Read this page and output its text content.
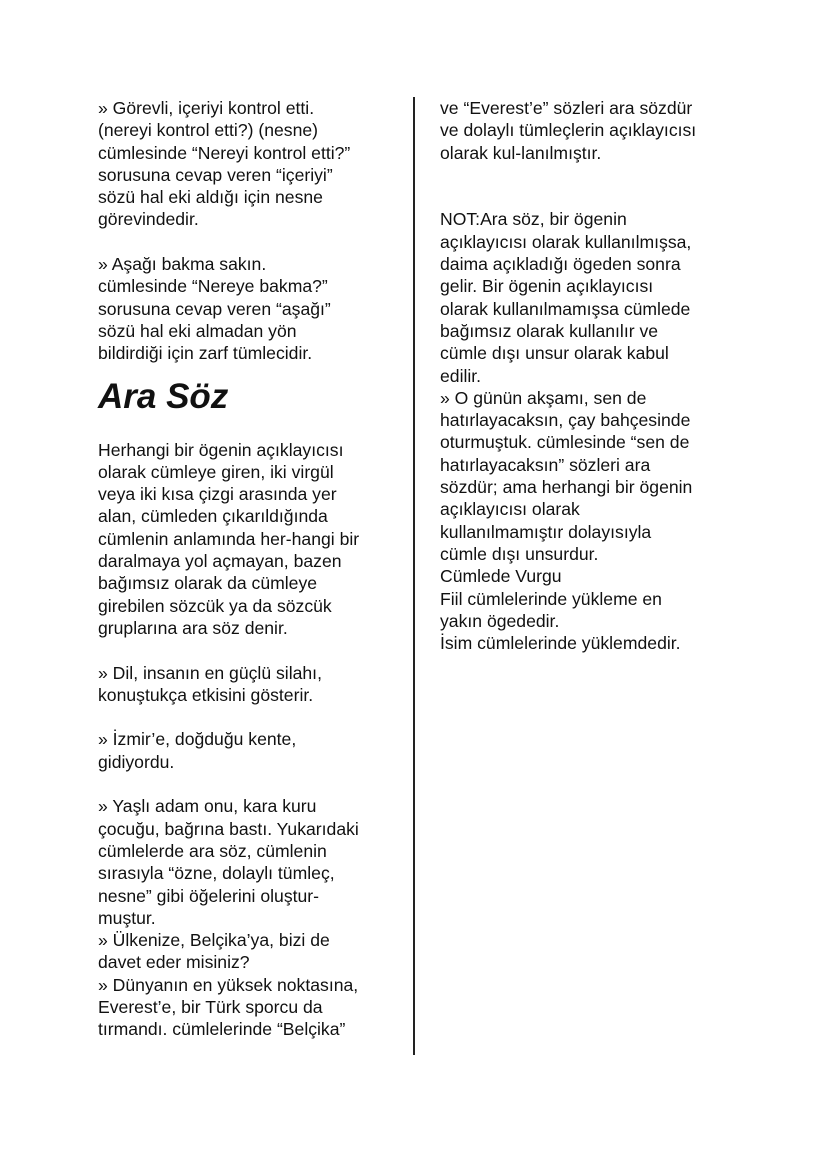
» Görevli, içeriyi kontrol etti.
(nereyi kontrol etti?) (nesne)
cümlesinde “Nereyi kontrol etti?”
sorusuna cevap veren “içeriyi”
sözü hal eki aldığı için nesne
görevindedir.
» Aşağı bakma sakın.
cümlesinde “Nereye bakma?”
sorusuna cevap veren “aşağı”
sözü hal eki almadan yön
bildirdiği için zarf tümlecidir.
Ara Söz
Herhangi bir ögenin açıklayıcısı
olarak cümleye giren, iki virgül
veya iki kısa çizgi arasında yer
alan, cümleden çıkarıldığında
cümlenin anlamında her-hangi bir
daralmaya yol açmayan, bazen
bağımsız olarak da cümleye
girebilen sözcük ya da sözcük
gruplarına ara söz denir.
» Dil, insanın en güçlü silahı,
konuştukça etkisini gösterir.
» İzmir’e, doğduğu kente,
gidiyordu.
» Yaşlı adam onu, kara kuru
çocuğu, bağrına bastı. Yukarıdaki
cümlelerde ara söz, cümlenin
sırasıyla “özne, dolaylı tümleç,
nesne” gibi öğelerini oluştur-
muştur.
» Ülkenize, Belçika’ya, bizi de
davet eder misiniz?
» Dünyanın en yüksek noktasına,
Everest’e, bir Türk sporcu da
tırmandı. cümlelerinde “Belçika”
ve “Everest’e” sözleri ara sözdür
ve dolaylı tümleçlerin açıklayıcısı
olarak kul-lanılmıştır.
NOT:Ara söz, bir ögenin
açıklayıcısı olarak kullanılmışsa,
daima açıkladığı ögeden sonra
gelir. Bir ögenin açıklayıcısı
olarak kullanılmamışsa cümlede
bağımsız olarak kullanılır ve
cümle dışı unsur olarak kabul
edilir.
» O günün akşamı, sen de
hatırlayacaksın, çay bahçesinde
oturmuştuk. cümlesinde “sen de
hatırlayacaksın” sözleri ara
sözdür; ama herhangi bir ögenin
açıklayıcısı olarak
kullanılmamıştır dolayısıyla
cümle dışı unsurdur.
Cümlede Vurgu
Fiil cümlelerinde yükleme en
yakın ögededir.
İsim cümlelerinde yüklemdedir.
